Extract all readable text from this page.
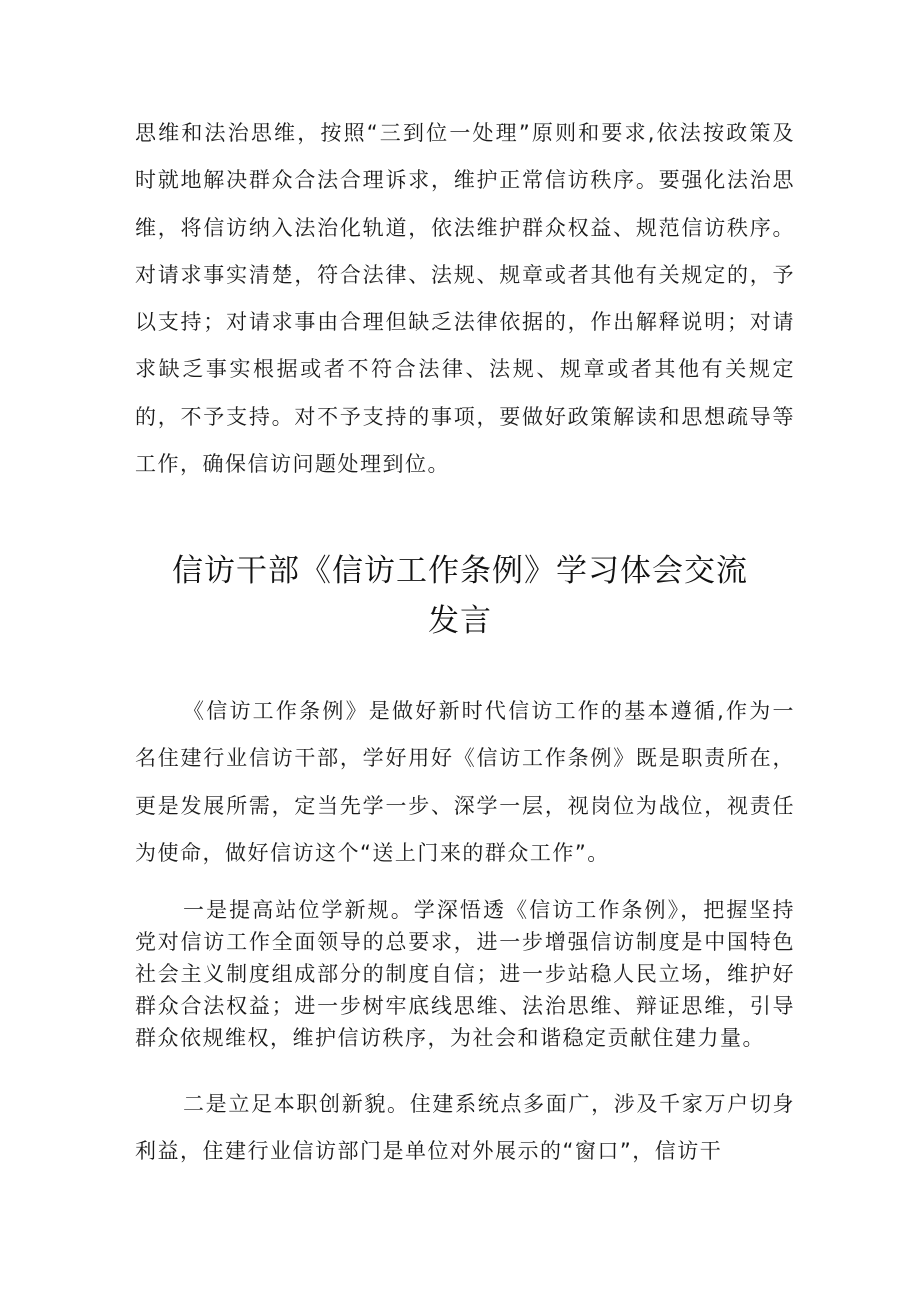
思维和法治思维，按照“三到位一处理”原则和要求,依法按政策及时就地解决群众合法合理诉求，维护正常信访秩序。要强化法治思维，将信访纳入法治化轨道，依法维护群众权益、规范信访秩序。对请求事实清楚，符合法律、法规、规章或者其他有关规定的，予以支持；对请求事由合理但缺乏法律依据的，作出解释说明；对请求缺乏事实根据或者不符合法律、法规、规章或者其他有关规定的，不予支持。对不予支持的事项，要做好政策解读和思想疏导等工作，确保信访问题处理到位。

信访干部《信访工作条例》学习体会交流
发言

《信访工作条例》是做好新时代信访工作的基本遵循,作为一名住建行业信访干部，学好用好《信访工作条例》既是职责所在，更是发展所需，定当先学一步、深学一层，视岗位为战位，视责任为使命，做好信访这个“送上门来的群众工作”。

一是提高站位学新规。学深悟透《信访工作条例》，把握坚持党对信访工作全面领导的总要求，进一步增强信访制度是中国特色社会主义制度组成部分的制度自信；进一步站稳人民立场，维护好群众合法权益；进一步树牢底线思维、法治思维、辩证思维，引导群众依规维权，维护信访秩序，为社会和谐稳定贡献住建力量。

二是立足本职创新貌。住建系统点多面广，涉及千家万户切身利益，住建行业信访部门是单位对外展示的“窗口”，信访干
